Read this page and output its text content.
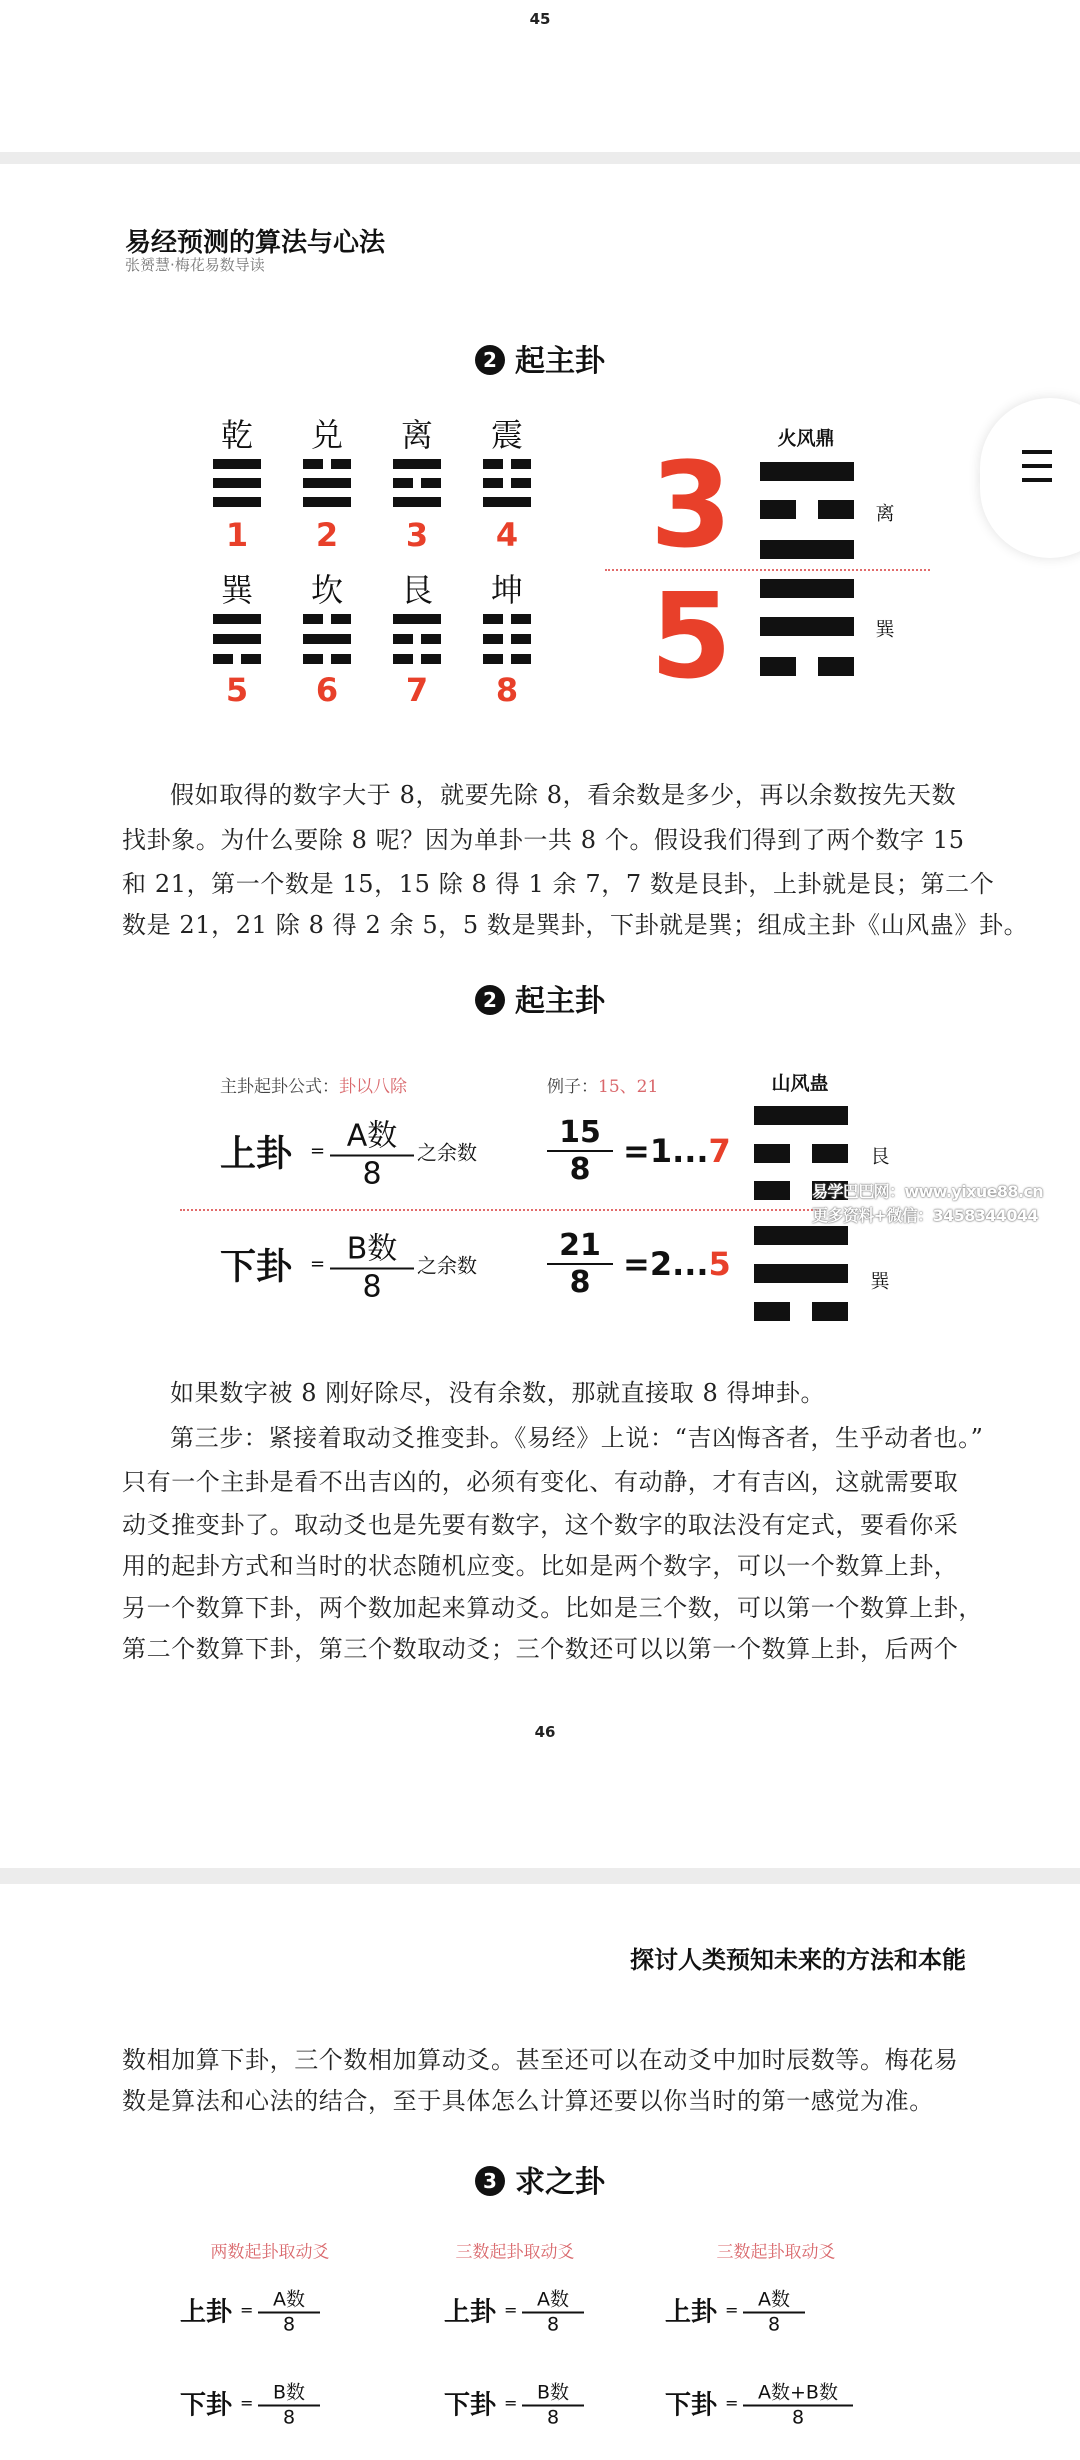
45
易经预测的算法与心法
张赟慧·梅花易数导读
2 起主卦
乾
1
兑
2
离
3
震
4
巽
5
坎
6
艮
7
坤
8
火风鼎
3
5
离
巽
假如取得的数字大于 8，就要先除 8，看余数是多少，再以余数按先天数
找卦象。为什么要除 8 呢？因为单卦一共 8 个。假设我们得到了两个数字 15
和 21，第一个数是 15，15 除 8 得 1 余 7，7 数是艮卦，上卦就是艮；第二个
数是 21，21 除 8 得 2 余 5，5 数是巽卦，下卦就是巽；组成主卦《山风蛊》卦。
2 起主卦
主卦起卦公式：卦以八除	例子：15、21
上卦 = A数
8
之余数 $\frac{15}{8} =1...7$
下卦 = B数
8
之余数 $\frac{21}{8} =2...5$
山风蛊
艮
巽
易学巴巴网：www.yixue88.cn
更多资料+微信：3458344044
如果数字被 8 刚好除尽，没有余数，那就直接取 8 得坤卦。
第三步：紧接着取动爻推变卦。《易经》上说：“吉凶悔吝者，生乎动者也。”
只有一个主卦是看不出吉凶的，必须有变化、有动静，才有吉凶，这就需要取
动爻推变卦了。取动爻也是先要有数字，这个数字的取法没有定式，要看你采
用的起卦方式和当时的状态随机应变。比如是两个数字，可以一个数算上卦，
另一个数算下卦，两个数加起来算动爻。比如是三个数，可以第一个数算上卦，
第二个数算下卦，第三个数取动爻；三个数还可以以第一个数算上卦，后两个
46
探讨人类预知未来的方法和本能
数相加算下卦，三个数相加算动爻。甚至还可以在动爻中加时辰数等。梅花易
数是算法和心法的结合，至于具体怎么计算还要以你当时的第一感觉为准。
3 求之卦
两数起卦取动爻
上卦 =	A数
8
下卦 =	B数
8
三数起卦取动爻
上卦 =	A数
8
下卦 =	B数
8
三数起卦取动爻
上卦 =	A数
8
下卦 =	A数+B数
8
